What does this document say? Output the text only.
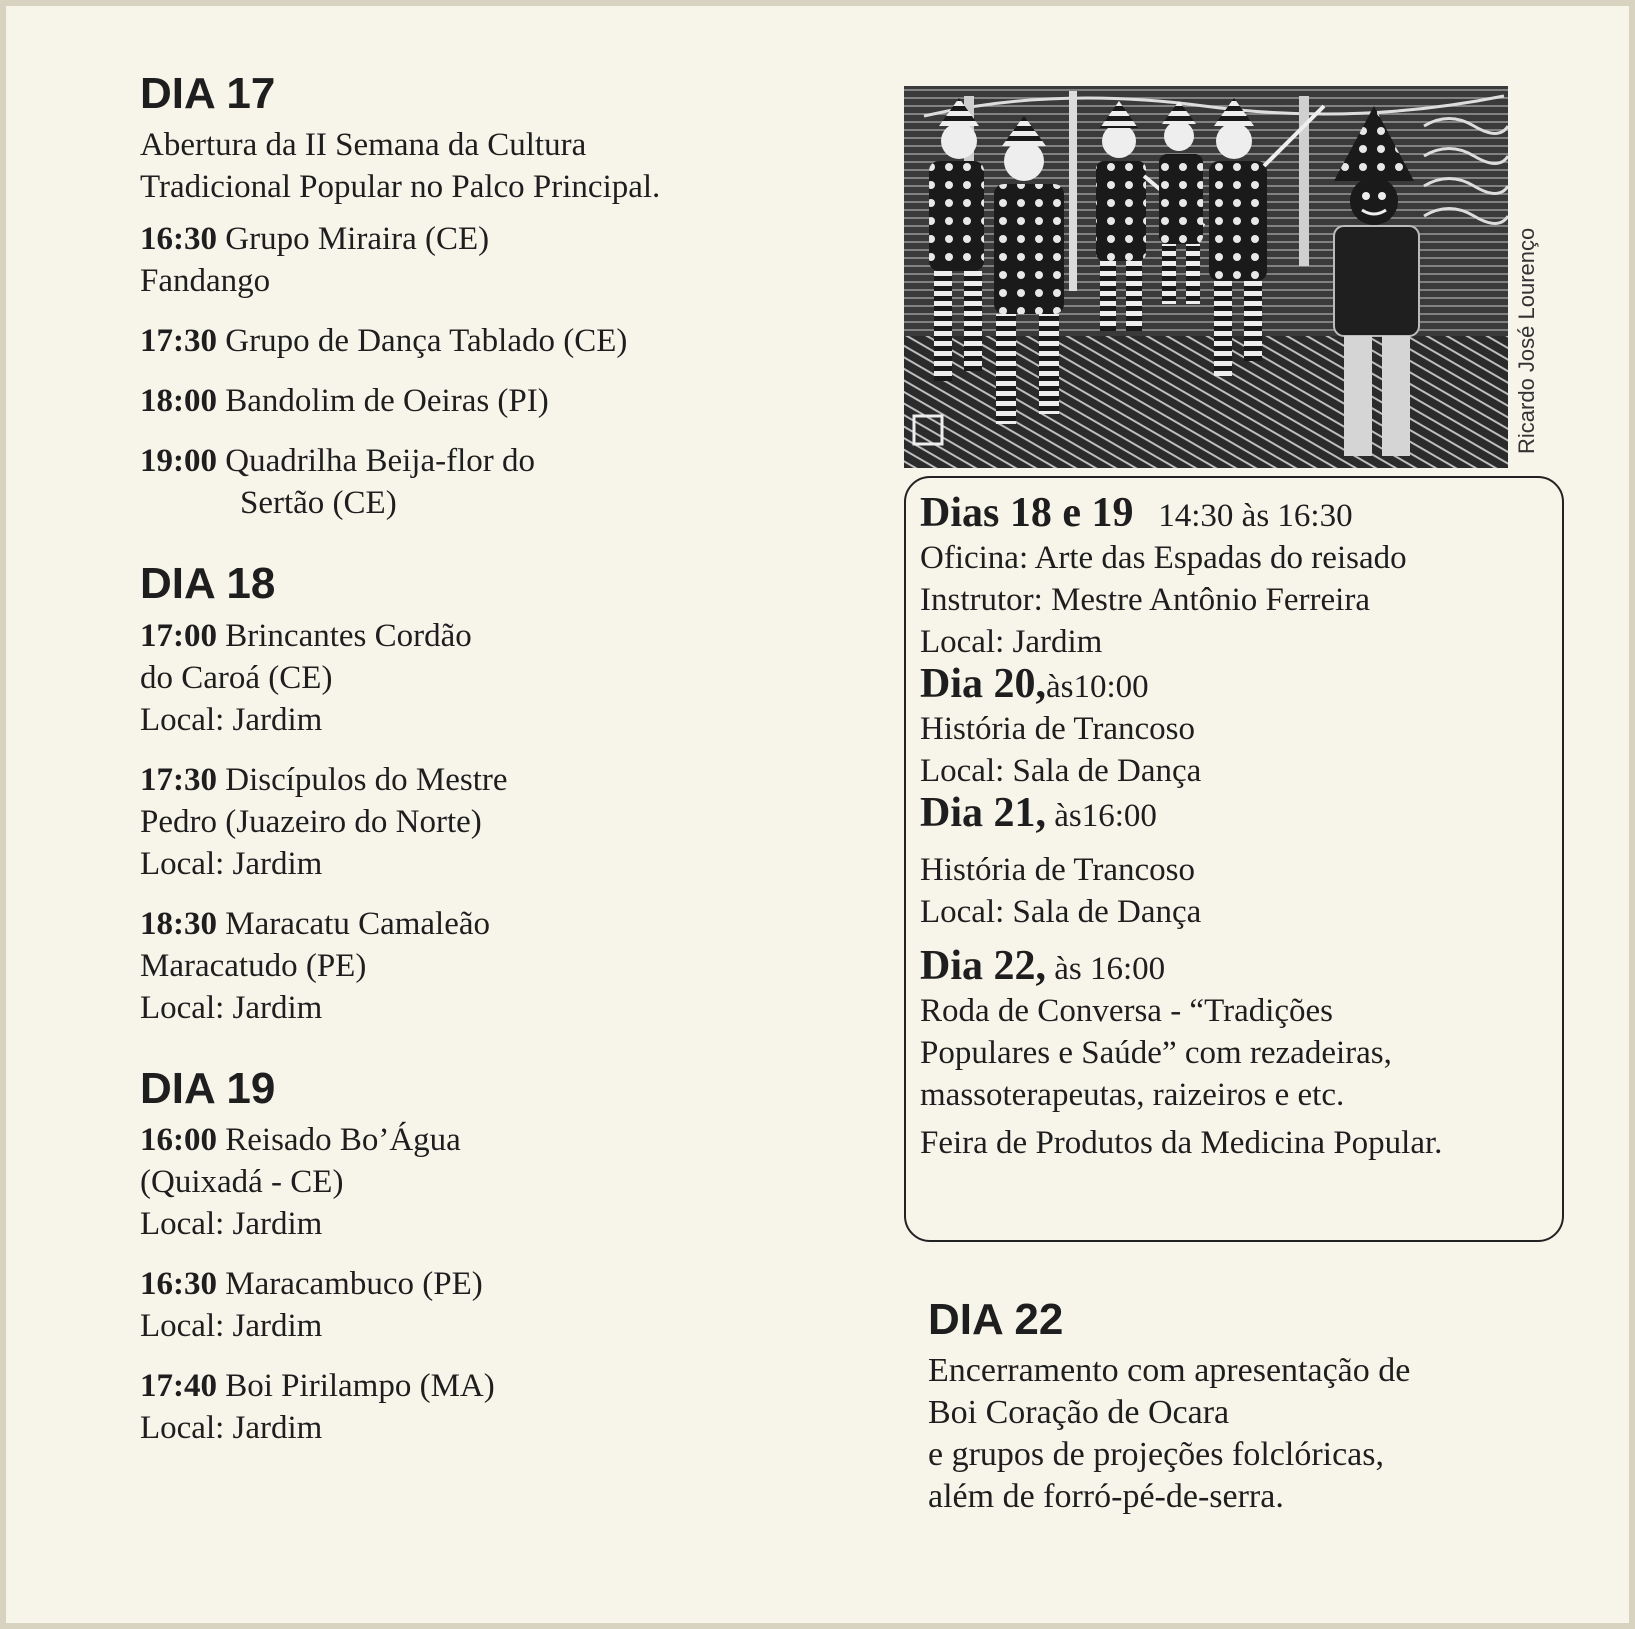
DIA 17
Abertura da II Semana da Cultura
Tradicional Popular no Palco Principal.
16:30 Grupo Miraira (CE)
Fandango
17:30 Grupo de Dança Tablado (CE)
18:00 Bandolim de Oeiras (PI)
19:00 Quadrilha Beija-flor do
Sertão (CE)
DIA 18
17:00 Brincantes Cordão
do Caroá (CE)
Local: Jardim
17:30 Discípulos do Mestre
Pedro (Juazeiro do Norte)
Local: Jardim
18:30 Maracatu Camaleão
Maracatudo (PE)
Local: Jardim
DIA 19
16:00 Reisado Bo’Água
(Quixadá - CE)
Local: Jardim
16:30 Maracambuco (PE)
Local: Jardim
17:40 Boi Pirilampo (MA)
Local: Jardim
Ricardo José Lourenço
Dias 18 e 19 14:30 às 16:30
Oficina: Arte das Espadas do reisado
Instrutor: Mestre Antônio Ferreira
Local: Jardim
Dia 20,às10:00
História de Trancoso
Local: Sala de Dança
Dia 21, às16:00
História de Trancoso
Local: Sala de Dança
Dia 22, às 16:00
Roda de Conversa - “Tradições
Populares e Saúde” com rezadeiras,
massoterapeutas, raizeiros e etc.
Feira de Produtos da Medicina Popular.
DIA 22
Encerramento com apresentação de
Boi Coração de Ocara
e grupos de projeções folclóricas,
além de forró-pé-de-serra.
